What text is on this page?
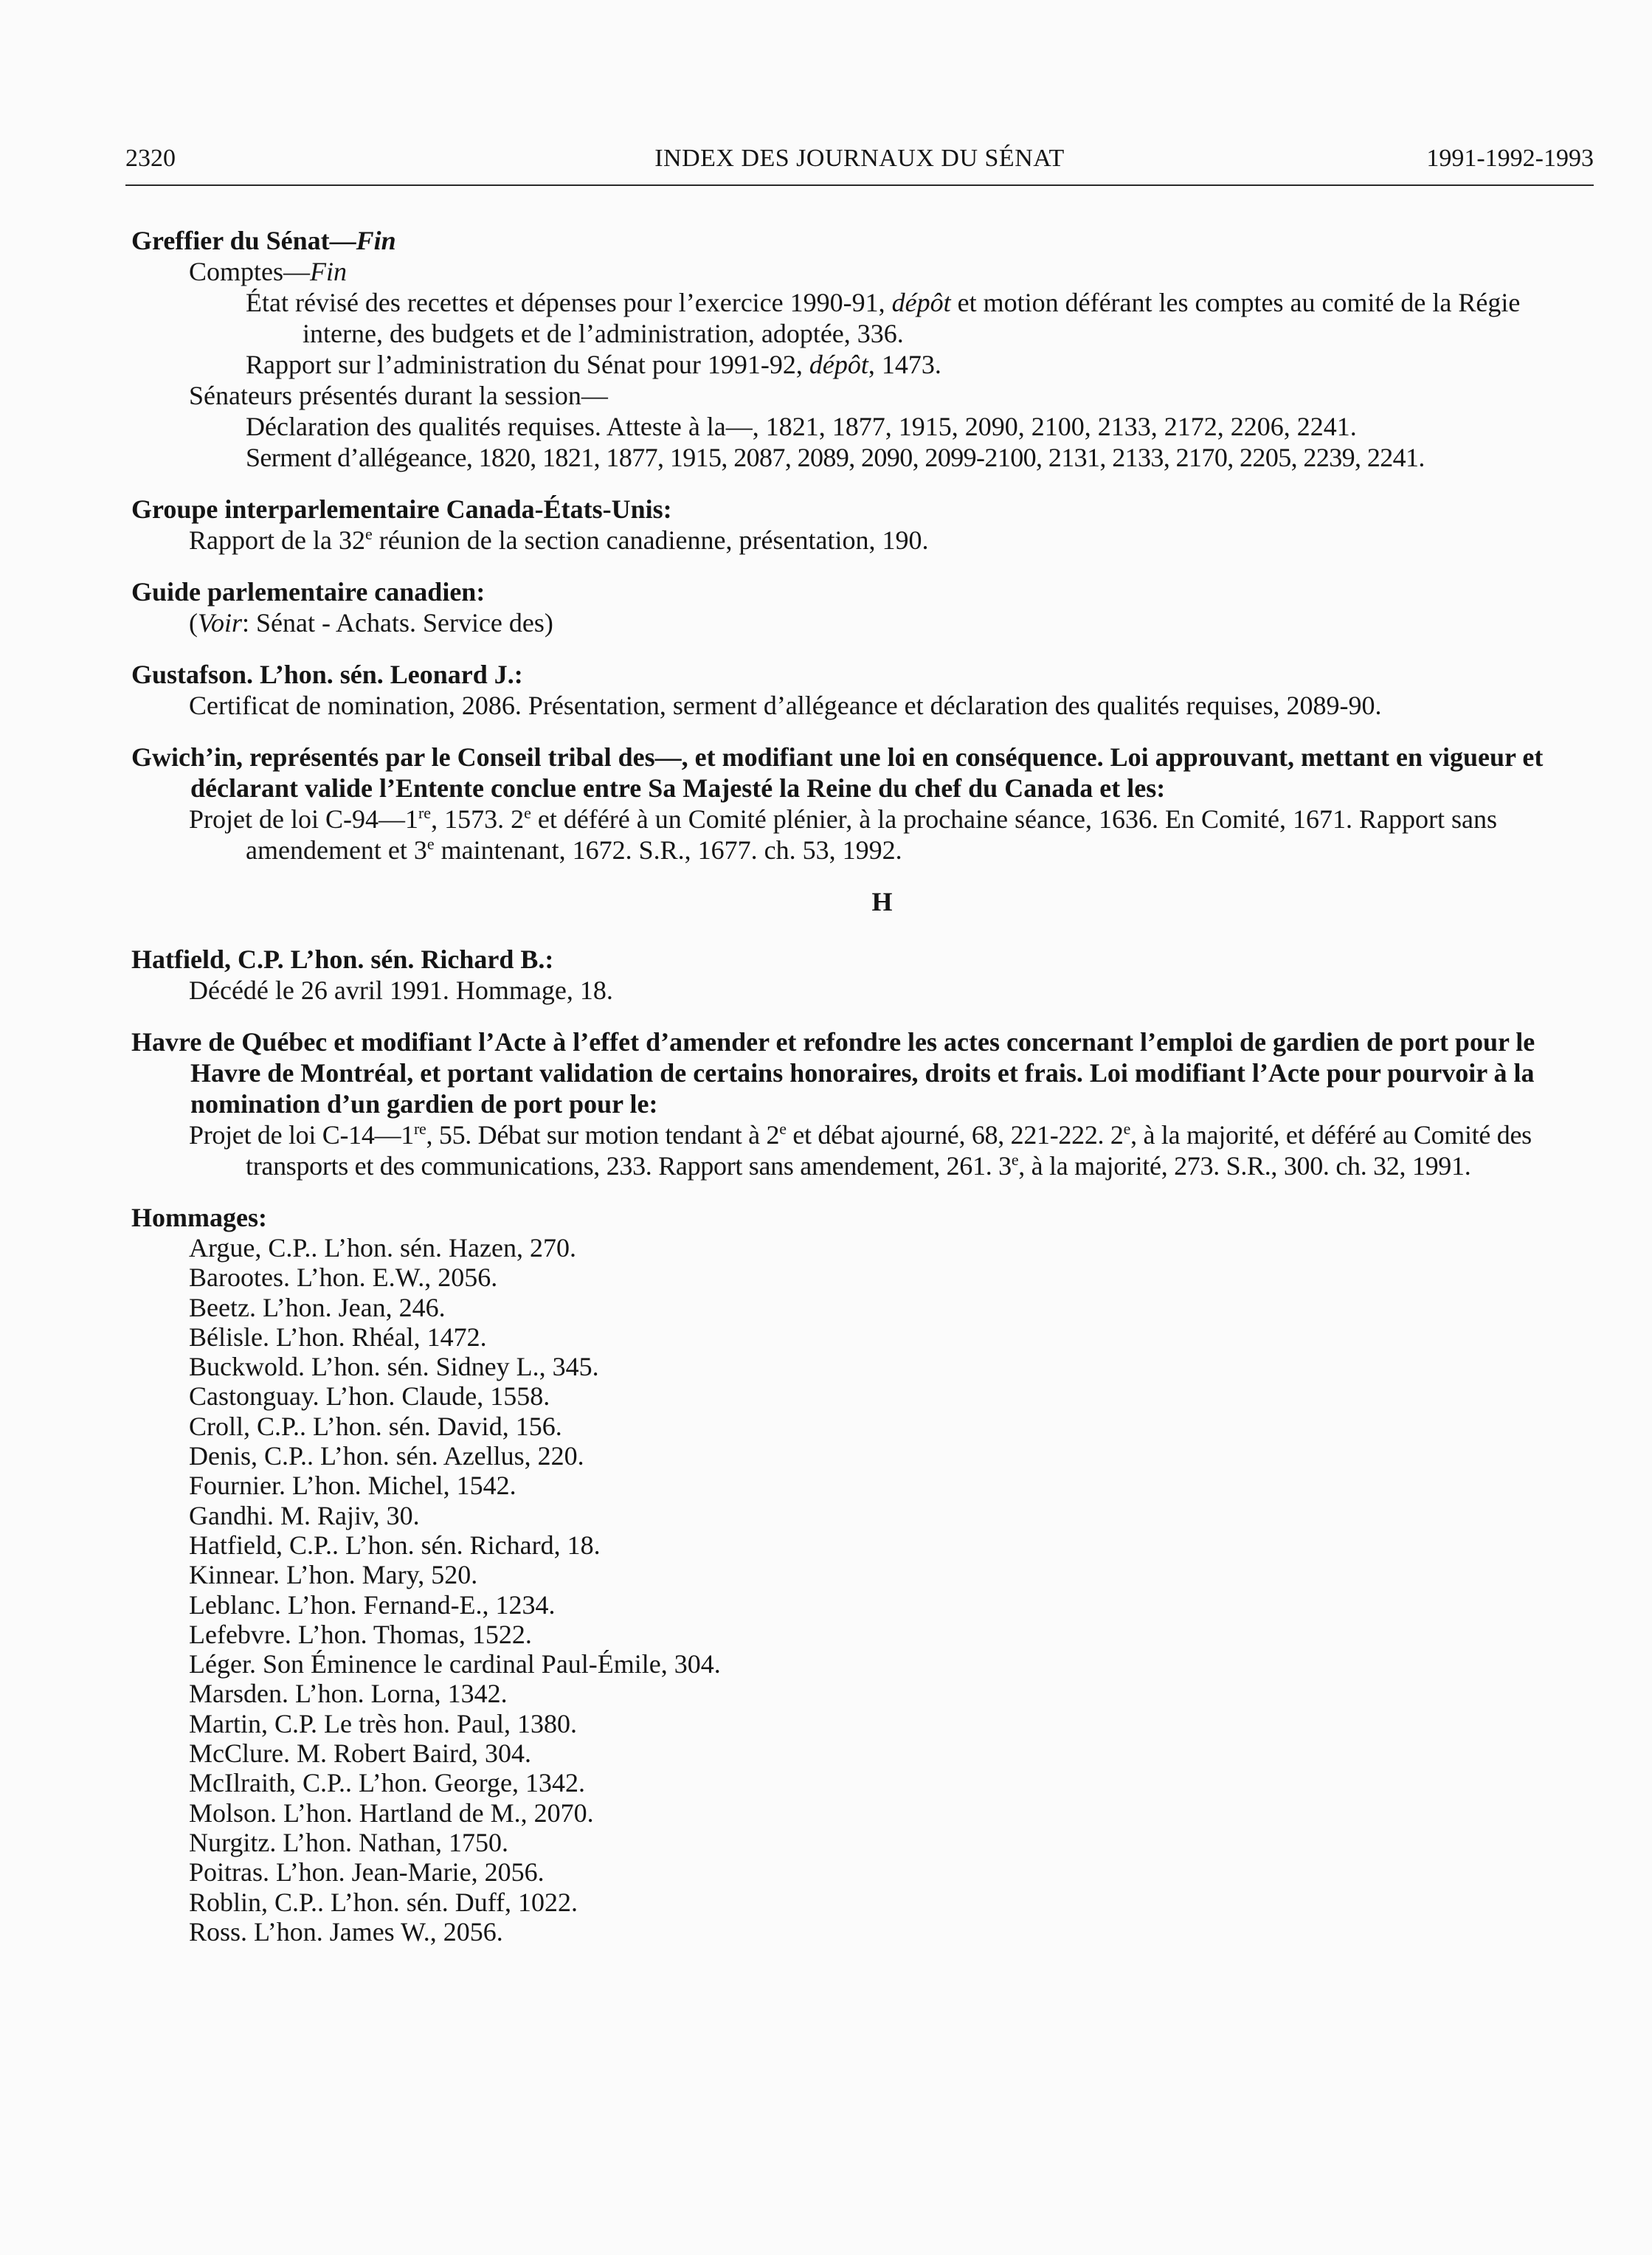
2320	INDEX DES JOURNAUX DU SÉNAT	1991-1992-1993
Greffier du Sénat—Fin
Comptes—Fin
État révisé des recettes et dépenses pour l’exercice 1990-91, dépôt et motion déférant les comptes au comité de la Régie interne, des budgets et de l’administration, adoptée, 336.
Rapport sur l’administration du Sénat pour 1991-92, dépôt, 1473.
Sénateurs présentés durant la session—
Déclaration des qualités requises. Atteste à la—, 1821, 1877, 1915, 2090, 2100, 2133, 2172, 2206, 2241.
Serment d’allégeance, 1820, 1821, 1877, 1915, 2087, 2089, 2090, 2099-2100, 2131, 2133, 2170, 2205, 2239, 2241.
Groupe interparlementaire Canada-États-Unis:
Rapport de la 32e réunion de la section canadienne, présentation, 190.
Guide parlementaire canadien:
(Voir: Sénat - Achats. Service des)
Gustafson. L’hon. sén. Leonard J.:
Certificat de nomination, 2086. Présentation, serment d’allégeance et déclaration des qualités requises, 2089-90.
Gwich’in, représentés par le Conseil tribal des—, et modifiant une loi en conséquence. Loi approuvant, mettant en vigueur et déclarant valide l’Entente conclue entre Sa Majesté la Reine du chef du Canada et les:
Projet de loi C-94—1re, 1573. 2e et déféré à un Comité plénier, à la prochaine séance, 1636. En Comité, 1671. Rapport sans amendement et 3e maintenant, 1672. S.R., 1677. ch. 53, 1992.
H
Hatfield, C.P. L’hon. sén. Richard B.:
Décédé le 26 avril 1991. Hommage, 18.
Havre de Québec et modifiant l’Acte à l’effet d’amender et refondre les actes concernant l’emploi de gardien de port pour le Havre de Montréal, et portant validation de certains honoraires, droits et frais. Loi modifiant l’Acte pour pourvoir à la nomination d’un gardien de port pour le:
Projet de loi C-14—1re, 55. Débat sur motion tendant à 2e et débat ajourné, 68, 221-222. 2e, à la majorité, et déféré au Comité des transports et des communications, 233. Rapport sans amendement, 261. 3e, à la majorité, 273. S.R., 300. ch. 32, 1991.
Hommages:
Argue, C.P.. L’hon. sén. Hazen, 270.
Barootes. L’hon. E.W., 2056.
Beetz. L’hon. Jean, 246.
Bélisle. L’hon. Rhéal, 1472.
Buckwold. L’hon. sén. Sidney L., 345.
Castonguay. L’hon. Claude, 1558.
Croll, C.P.. L’hon. sén. David, 156.
Denis, C.P.. L’hon. sén. Azellus, 220.
Fournier. L’hon. Michel, 1542.
Gandhi. M. Rajiv, 30.
Hatfield, C.P.. L’hon. sén. Richard, 18.
Kinnear. L’hon. Mary, 520.
Leblanc. L’hon. Fernand-E., 1234.
Lefebvre. L’hon. Thomas, 1522.
Léger. Son Éminence le cardinal Paul-Émile, 304.
Marsden. L’hon. Lorna, 1342.
Martin, C.P. Le très hon. Paul, 1380.
McClure. M. Robert Baird, 304.
McIlraith, C.P.. L’hon. George, 1342.
Molson. L’hon. Hartland de M., 2070.
Nurgitz. L’hon. Nathan, 1750.
Poitras. L’hon. Jean-Marie, 2056.
Roblin, C.P.. L’hon. sén. Duff, 1022.
Ross. L’hon. James W., 2056.
